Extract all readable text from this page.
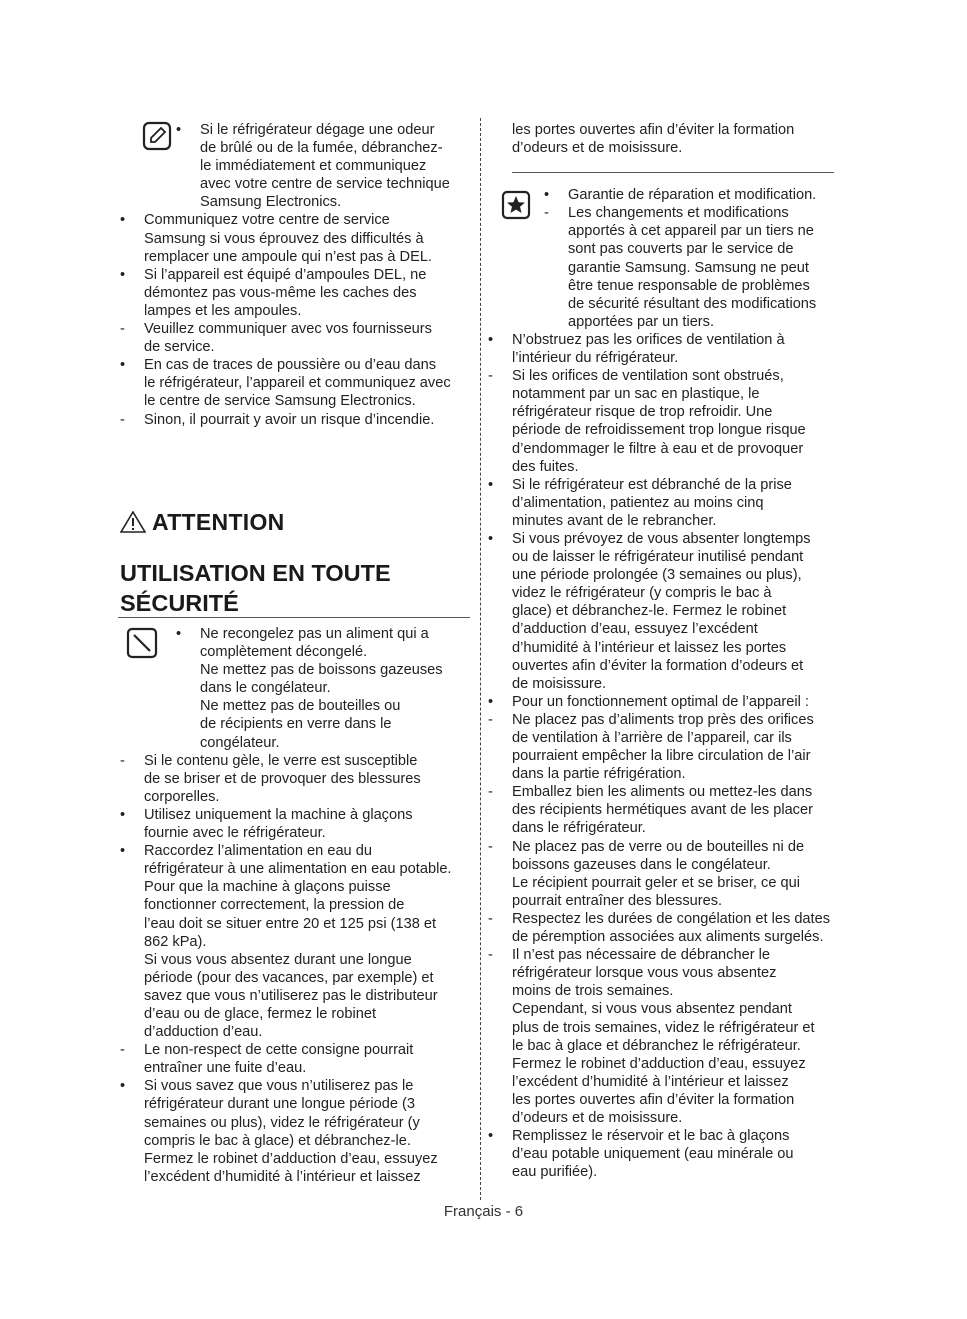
•	Si le réfrigérateur dégage une odeur
de brûlé ou de la fumée, débranchez-
le immédiatement et communiquez
avec votre centre de service technique
Samsung Electronics.
•	Communiquez votre centre de service
Samsung si vous éprouvez des difficultés à
remplacer une ampoule qui n’est pas à DEL.
•	Si l’appareil est équipé d’ampoules DEL, ne
démontez pas vous-même les caches des
lampes et les ampoules.
-	Veuillez communiquer avec vos fournisseurs
de service.
•	En cas de traces de poussière ou d’eau dans
le réfrigérateur, l’appareil et communiquez avec
le centre de service Samsung Electronics.
-	Sinon, il pourrait y avoir un risque d’incendie.
ATTENTION
UTILISATION EN TOUTE
SÉCURITÉ
•	Ne recongelez pas un aliment qui a
complètement décongelé.
Ne mettez pas de boissons gazeuses
dans le congélateur.
Ne mettez pas de bouteilles ou
de récipients en verre dans le
congélateur.
-	Si le contenu gèle, le verre est susceptible
de se briser et de provoquer des blessures
corporelles.
•	Utilisez uniquement la machine à glaçons
fournie avec le réfrigérateur.
•	Raccordez l’alimentation en eau du
réfrigérateur à une alimentation en eau potable.
Pour que la machine à glaçons puisse
fonctionner correctement, la pression de
l’eau doit se situer entre 20 et 125 psi (138 et
862 kPa).
Si vous vous absentez durant une longue
période (pour des vacances, par exemple) et
savez que vous n’utiliserez pas le distributeur
d’eau ou de glace, fermez le robinet
d’adduction d’eau.
-	Le non-respect de cette consigne pourrait
entraîner une fuite d’eau.
•	Si vous savez que vous n’utiliserez pas le
réfrigérateur durant une longue période (3
semaines ou plus), videz le réfrigérateur (y
compris le bac à glace) et débranchez-le.
Fermez le robinet d’adduction d’eau, essuyez
l’excédent d’humidité à l’intérieur et laissez
les portes ouvertes afin d’éviter la formation
d’odeurs et de moisissure.
•	Garantie de réparation et modification.
-	Les changements et modifications
apportés à cet appareil par un tiers ne
sont pas couverts par le service de
garantie Samsung. Samsung ne peut
être tenue responsable de problèmes
de sécurité résultant des modifications
apportées par un tiers.
•	N’obstruez pas les orifices de ventilation à
l’intérieur du réfrigérateur.
-	Si les orifices de ventilation sont obstrués,
notamment par un sac en plastique, le
réfrigérateur risque de trop refroidir. Une
période de refroidissement trop longue risque
d’endommager le filtre à eau et de provoquer
des fuites.
•	Si le réfrigérateur est débranché de la prise
d’alimentation, patientez au moins cinq
minutes avant de le rebrancher.
•	Si vous prévoyez de vous absenter longtemps
ou de laisser le réfrigérateur inutilisé pendant
une période prolongée (3 semaines ou plus),
videz le réfrigérateur (y compris le bac à
glace) et débranchez-le. Fermez le robinet
d’adduction d’eau, essuyez l’excédent
d’humidité à l’intérieur et laissez les portes
ouvertes afin d’éviter la formation d’odeurs et
de moisissure.
•	Pour un fonctionnement optimal de l’appareil :
-	Ne placez pas d’aliments trop près des orifices
de ventilation à l’arrière de l’appareil, car ils
pourraient empêcher la libre circulation de l’air
dans la partie réfrigération.
-	Emballez bien les aliments ou mettez-les dans
des récipients hermétiques avant de les placer
dans le réfrigérateur.
-	Ne placez pas de verre ou de bouteilles ni de
boissons gazeuses dans le congélateur.
Le récipient pourrait geler et se briser, ce qui
pourrait entraîner des blessures.
-	Respectez les durées de congélation et les dates
de péremption associées aux aliments surgelés.
-	Il n’est pas nécessaire de débrancher le
réfrigérateur lorsque vous vous absentez
moins de trois semaines.
Cependant, si vous vous absentez pendant
plus de trois semaines, videz le réfrigérateur et
le bac à glace et débranchez le réfrigérateur.
Fermez le robinet d’adduction d’eau, essuyez
l’excédent d’humidité à l’intérieur et laissez
les portes ouvertes afin d’éviter la formation
d’odeurs et de moisissure.
•	Remplissez le réservoir et le bac à glaçons
d’eau potable uniquement (eau minérale ou
eau purifiée).
Français - 6
